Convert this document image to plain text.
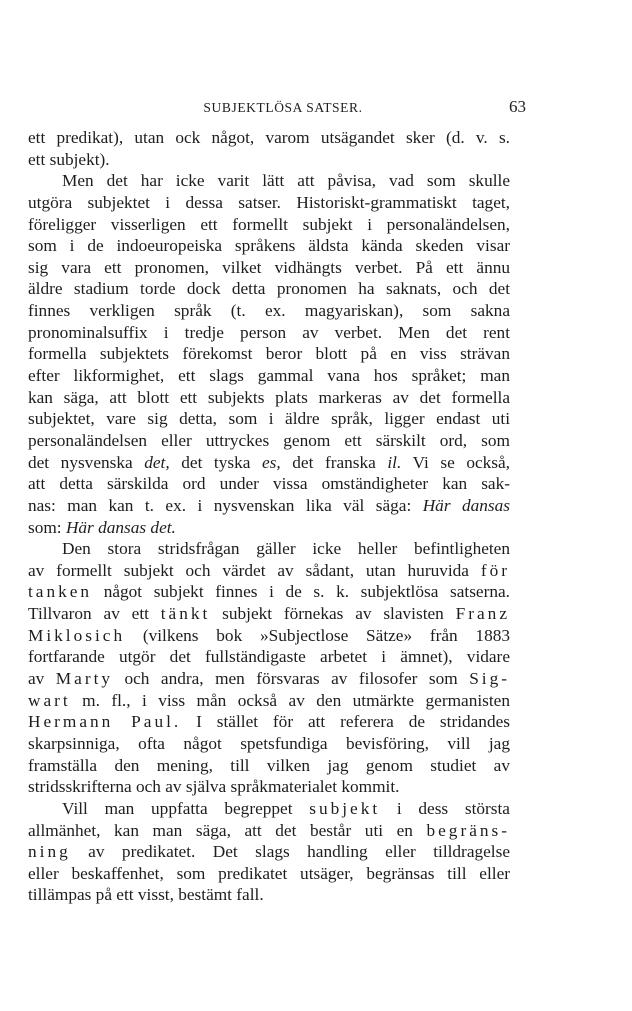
SUBJEKTLÖSA SATSER.	63
ett predikat), utan ock något, varom utsägandet sker (d. v. s.
ett subjekt).
Men det har icke varit lätt att påvisa, vad som skulle
utgöra subjektet i dessa satser. Historiskt-grammatiskt taget,
föreligger visserligen ett formellt subjekt i personaländelsen,
som i de indoeuropeiska språkens äldsta kända skeden visar
sig vara ett pronomen, vilket vidhängts verbet. På ett ännu
äldre stadium torde dock detta pronomen ha saknats, och det
finnes verkligen språk (t. ex. magyariskan), som sakna
pronominalsuffix i tredje person av verbet. Men det rent
formella subjektets förekomst beror blott på en viss strävan
efter likformighet, ett slags gammal vana hos språket; man
kan säga, att blott ett subjekts plats markeras av det formella
subjektet, vare sig detta, som i äldre språk, ligger endast uti
personaländelsen eller uttryckes genom ett särskilt ord, som
det nysvenska det, det tyska es, det franska il. Vi se också,
att detta särskilda ord under vissa omständigheter kan sak-
nas: man kan t. ex. i nysvenskan lika väl säga: Här dansas
som: Här dansas det.
Den stora stridsfrågan gäller icke heller befintligheten
av formellt subjekt och värdet av sådant, utan huruvida för
tanken något subjekt finnes i de s. k. subjektlösa satserna.
Tillvaron av ett tänkt subjekt förnekas av slavisten Franz
Miklosich (vilkens bok »Subjectlose Sätze» från 1883
fortfarande utgör det fullständigaste arbetet i ämnet), vidare
av Marty och andra, men försvaras av filosofer som Sig-
wart m. fl., i viss mån också av den utmärkte germanisten
Hermann Paul. I stället för att referera de stridandes
skarpsinniga, ofta något spetsfundiga bevisföring, vill jag
framställa den mening, till vilken jag genom studiet av
stridsskrifterna och av själva språkmaterialet kommit.
Vill man uppfatta begreppet subjekt i dess största
allmänhet, kan man säga, att det består uti en begräns-
ning av predikatet. Det slags handling eller tilldragelse
eller beskaffenhet, som predikatet utsäger, begränsas till eller
tillämpas på ett visst, bestämt fall.
